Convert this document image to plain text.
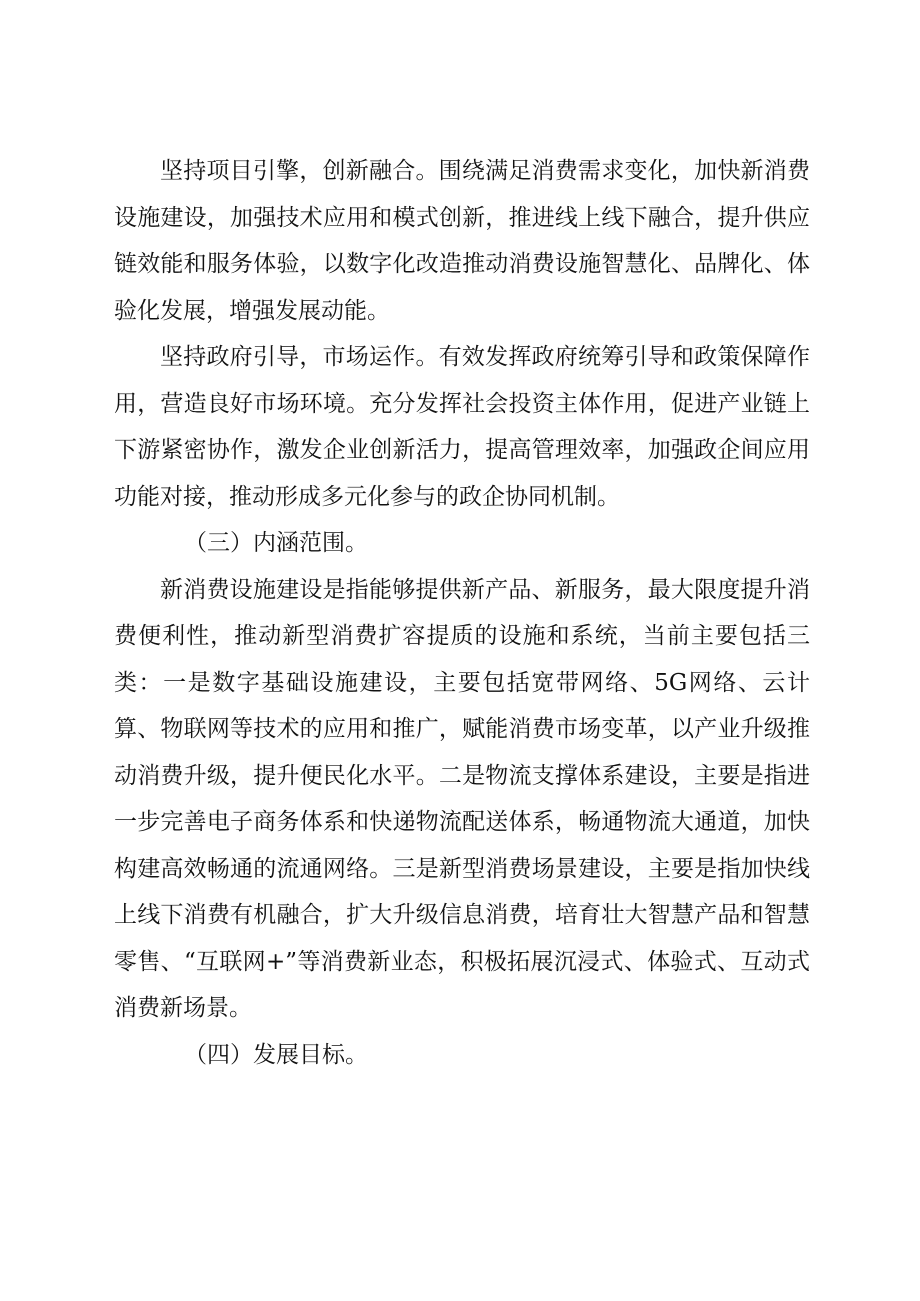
坚持项目引擎，创新融合。围绕满足消费需求变化，加快新消费设施建设，加强技术应用和模式创新，推进线上线下融合，提升供应链效能和服务体验，以数字化改造推动消费设施智慧化、品牌化、体验化发展，增强发展动能。

坚持政府引导，市场运作。有效发挥政府统筹引导和政策保障作用，营造良好市场环境。充分发挥社会投资主体作用，促进产业链上下游紧密协作，激发企业创新活力，提高管理效率，加强政企间应用功能对接，推动形成多元化参与的政企协同机制。

（三）内涵范围。

新消费设施建设是指能够提供新产品、新服务，最大限度提升消费便利性，推动新型消费扩容提质的设施和系统，当前主要包括三类：一是数字基础设施建设，主要包括宽带网络、5G网络、云计算、物联网等技术的应用和推广，赋能消费市场变革，以产业升级推动消费升级，提升便民化水平。二是物流支撑体系建设，主要是指进一步完善电子商务体系和快递物流配送体系，畅通物流大通道，加快构建高效畅通的流通网络。三是新型消费场景建设，主要是指加快线上线下消费有机融合，扩大升级信息消费，培育壮大智慧产品和智慧零售、“互联网+”等消费新业态，积极拓展沉浸式、体验式、互动式消费新场景。

（四）发展目标。
